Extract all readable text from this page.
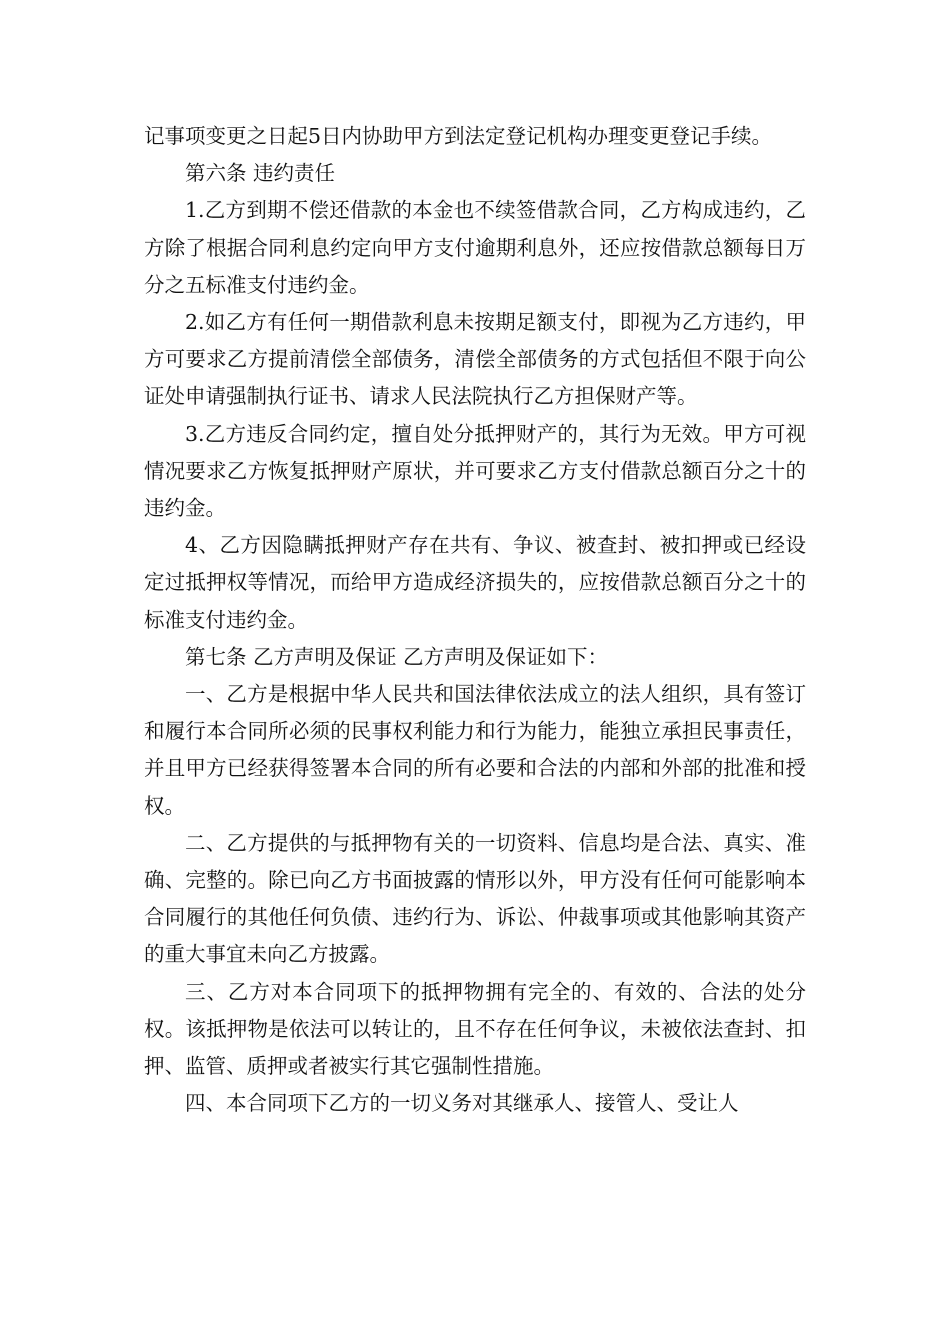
记事项变更之日起5日内协助甲方到法定登记机构办理变更登记手续。

第六条 违约责任

1.乙方到期不偿还借款的本金也不续签借款合同，乙方构成违约，乙方除了根据合同利息约定向甲方支付逾期利息外，还应按借款总额每日万分之五标准支付违约金。

2.如乙方有任何一期借款利息未按期足额支付，即视为乙方违约，甲方可要求乙方提前清偿全部债务，清偿全部债务的方式包括但不限于向公证处申请强制执行证书、请求人民法院执行乙方担保财产等。

3.乙方违反合同约定，擅自处分抵押财产的，其行为无效。甲方可视情况要求乙方恢复抵押财产原状，并可要求乙方支付借款总额百分之十的违约金。

4、乙方因隐瞒抵押财产存在共有、争议、被查封、被扣押或已经设定过抵押权等情况，而给甲方造成经济损失的，应按借款总额百分之十的标准支付违约金。

第七条 乙方声明及保证 乙方声明及保证如下：

一、乙方是根据中华人民共和国法律依法成立的法人组织，具有签订和履行本合同所必须的民事权利能力和行为能力，能独立承担民事责任，并且甲方已经获得签署本合同的所有必要和合法的内部和外部的批准和授权。

二、乙方提供的与抵押物有关的一切资料、信息均是合法、真实、准确、完整的。除已向乙方书面披露的情形以外，甲方没有任何可能影响本合同履行的其他任何负债、违约行为、诉讼、仲裁事项或其他影响其资产的重大事宜未向乙方披露。

三、乙方对本合同项下的抵押物拥有完全的、有效的、合法的处分权。该抵押物是依法可以转让的，且不存在任何争议，未被依法查封、扣押、监管、质押或者被实行其它强制性措施。

四、本合同项下乙方的一切义务对其继承人、接管人、受让人
